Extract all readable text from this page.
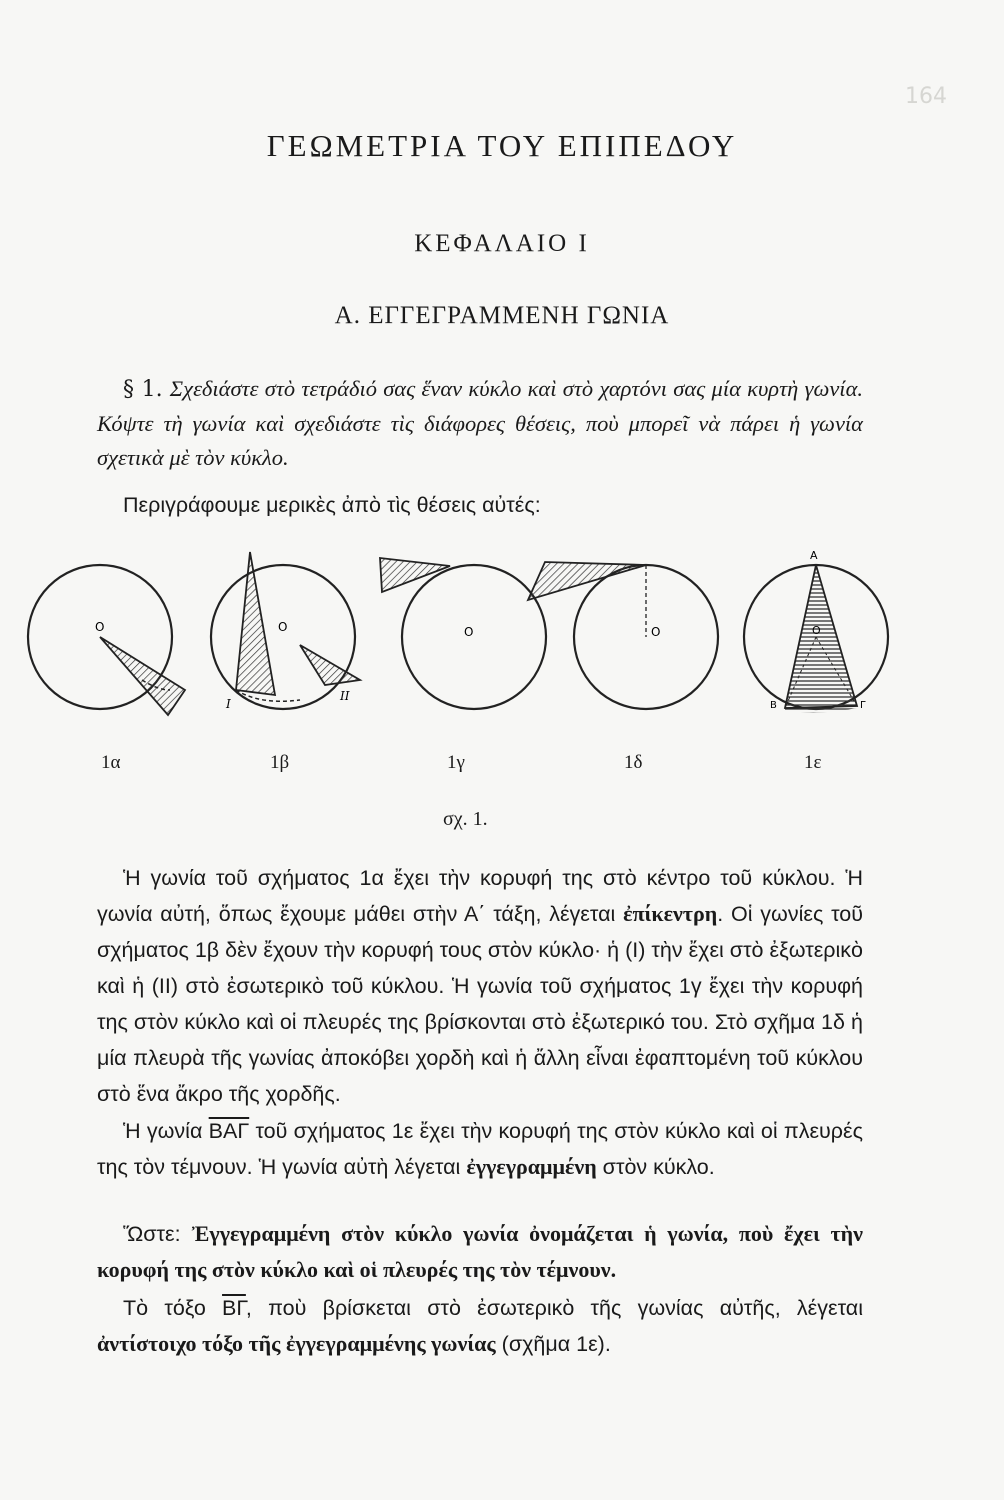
164
ΓΕΩΜΕΤΡΙΑ ΤΟΥ ΕΠΙΠΕΔΟΥ
ΚΕΦΑΛΑΙΟ Ι
Α. ΕΓΓΕΓΡΑΜΜΕΝΗ ΓΩΝΙΑ
§ 1. Σχεδιάστε στὸ τετράδιό σας ἕναν κύκλο καὶ στὸ χαρτόνι σας μία κυρτὴ γωνία. Κόψτε τὴ γωνία καὶ σχεδιάστε τὶς διάφορες θέσεις, ποὺ μπορεῖ νὰ πάρει ἡ γωνία σχετικὰ μὲ τὸν κύκλο.
Περιγράφουμε μερικὲς ἀπὸ τὶς θέσεις αὐτές:
O	O
I
II
O	O
Α
Β	Γ
O
1α	1β	1γ	1δ	1ε
σχ. 1.
Ἡ γωνία τοῦ σχήματος 1α ἔχει τὴν κορυφή της στὸ κέντρο τοῦ κύκλου. Ἡ γωνία αὐτή, ὅπως ἔχουμε μάθει στὴν Α΄ τάξη, λέγεται ἐπίκεντρη. Οἱ γωνίες τοῦ σχήματος 1β δὲν ἔχουν τὴν κορυφή τους στὸν κύκλο· ἡ (I) τὴν ἔχει στὸ ἐξωτερικὸ καὶ ἡ (II) στὸ ἐσωτερικὸ τοῦ κύκλου. Ἡ γωνία τοῦ σχήματος 1γ ἔχει τὴν κορυφή της στὸν κύκλο καὶ οἱ πλευρές της βρίσκονται στὸ ἐξωτερικό του. Στὸ σχῆμα 1δ ἡ μία πλευρὰ τῆς γωνίας ἀποκόβει χορδὴ καὶ ἡ ἄλλη εἶναι ἐφαπτομένη τοῦ κύκλου στὸ ἕνα ἄκρο τῆς χορδῆς.
Ἡ γωνία $\overline{BA\Gamma}$ τοῦ σχήματος 1ε ἔχει τὴν κορυφή της στὸν κύκλο καὶ οἱ πλευρές της τὸν τέμνουν. Ἡ γωνία αὐτὴ λέγεται ἐγγεγραμμένη στὸν κύκλο.
Ὥστε: Ἐγγεγραμμένη στὸν κύκλο γωνία ὀνομάζεται ἡ γωνία, ποὺ ἔχει τὴν κορυφή της στὸν κύκλο καὶ οἱ πλευρές της τὸν τέμνουν.
Τὸ τόξο $\overline{B\Gamma}$, ποὺ βρίσκεται στὸ ἐσωτερικὸ τῆς γωνίας αὐτῆς, λέγεται ἀντίστοιχο τόξο τῆς ἐγγεγραμμένης γωνίας (σχῆμα 1ε).
